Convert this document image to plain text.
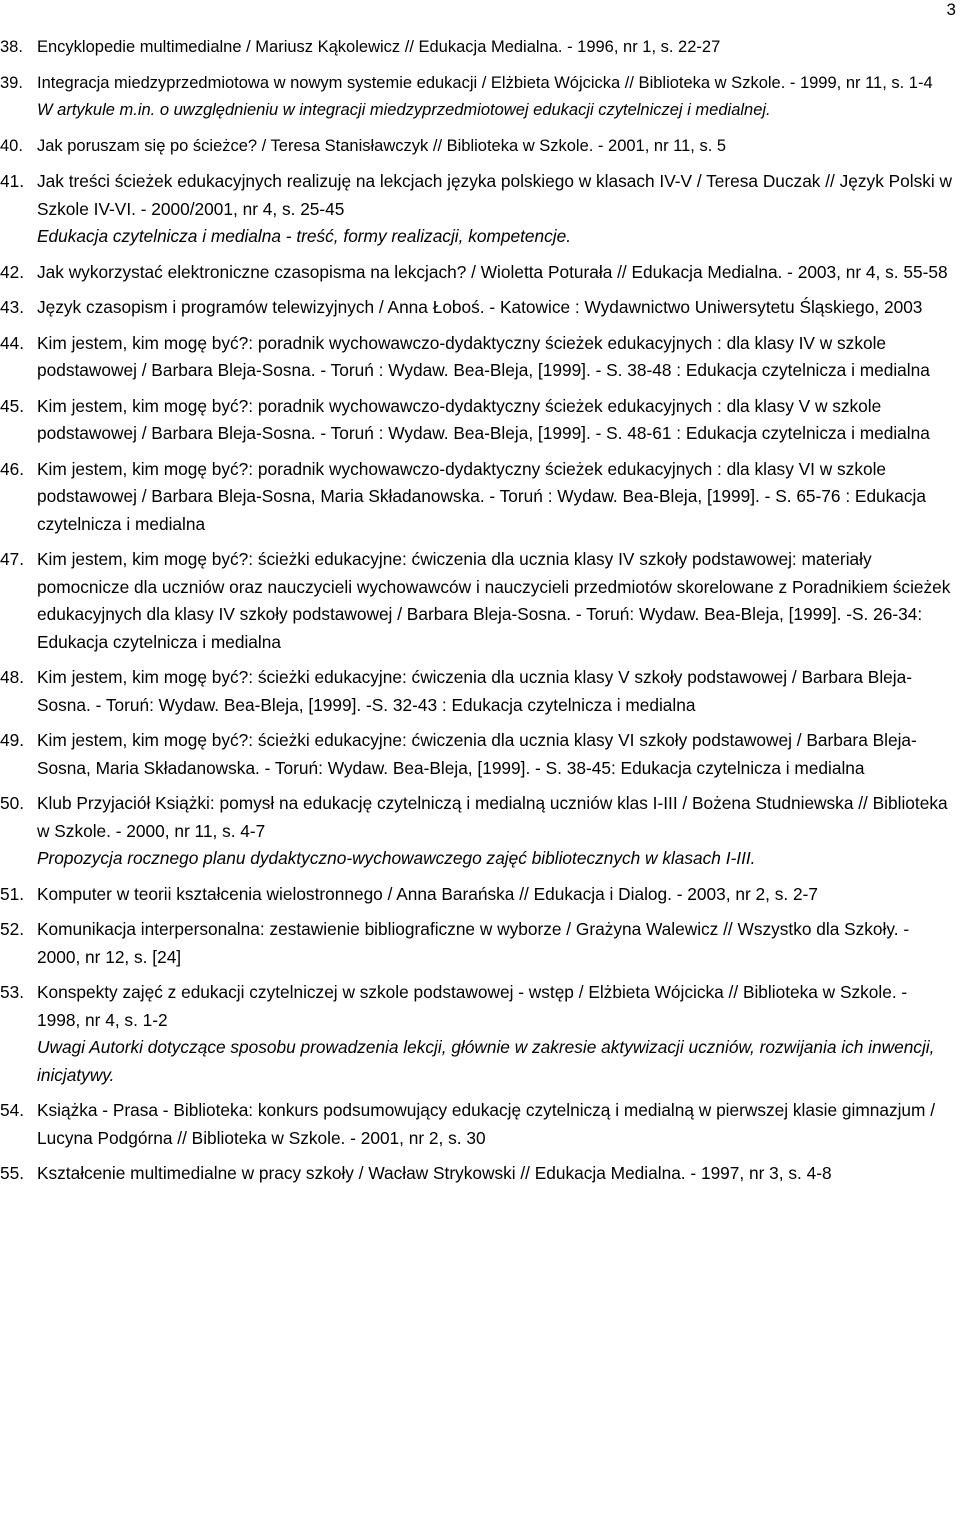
3
38. Encyklopedie multimedialne / Mariusz Kąkolewicz // Edukacja Medialna. - 1996, nr 1, s. 22-27
39. Integracja miedzyprzedmiotowa w nowym systemie edukacji / Elżbieta Wójcicka // Biblioteka w Szkole. - 1999, nr 11, s. 1-4
W artykule m.in. o uwzględnieniu w integracji miedzyprzedmiotowej edukacji czytelniczej i medialnej.
40. Jak poruszam się po ścieżce? / Teresa Stanisławczyk // Biblioteka w Szkole. - 2001, nr 11, s. 5
41. Jak treści ścieżek edukacyjnych realizuję na lekcjach języka polskiego w klasach IV-V / Teresa Duczak // Język Polski w Szkole IV-VI. - 2000/2001, nr 4, s. 25-45
Edukacja czytelnicza i medialna - treść, formy realizacji, kompetencje.
42. Jak wykorzystać elektroniczne czasopisma na lekcjach? / Wioletta Poturała // Edukacja Medialna. - 2003, nr 4, s. 55-58
43. Język czasopism i programów telewizyjnych / Anna Łoboś. - Katowice : Wydawnictwo Uniwersytetu Śląskiego, 2003
44. Kim jestem, kim mogę być?: poradnik wychowawczo-dydaktyczny ścieżek edukacyjnych : dla klasy IV w szkole podstawowej / Barbara Bleja-Sosna. - Toruń : Wydaw. Bea-Bleja, [1999]. - S. 38-48 : Edukacja czytelnicza i medialna
45. Kim jestem, kim mogę być?: poradnik wychowawczo-dydaktyczny ścieżek edukacyjnych : dla klasy V w szkole podstawowej / Barbara Bleja-Sosna. - Toruń : Wydaw. Bea-Bleja, [1999]. - S. 48-61 : Edukacja czytelnicza i medialna
46. Kim jestem, kim mogę być?: poradnik wychowawczo-dydaktyczny ścieżek edukacyjnych : dla klasy VI w szkole podstawowej / Barbara Bleja-Sosna, Maria Składanowska. - Toruń : Wydaw. Bea-Bleja, [1999]. - S. 65-76 : Edukacja czytelnicza i medialna
47. Kim jestem, kim mogę być?: ścieżki edukacyjne: ćwiczenia dla ucznia klasy IV szkoły podstawowej: materiały pomocnicze dla uczniów oraz nauczycieli wychowawców i nauczycieli przedmiotów skorelowane z Poradnikiem ścieżek edukacyjnych dla klasy IV szkoły podstawowej / Barbara Bleja-Sosna. - Toruń: Wydaw. Bea-Bleja, [1999]. -S. 26-34: Edukacja czytelnicza i medialna
48. Kim jestem, kim mogę być?: ścieżki edukacyjne: ćwiczenia dla ucznia klasy V szkoły podstawowej / Barbara Bleja-Sosna. - Toruń: Wydaw. Bea-Bleja, [1999]. -S. 32-43 : Edukacja czytelnicza i medialna
49. Kim jestem, kim mogę być?: ścieżki edukacyjne: ćwiczenia dla ucznia klasy VI szkoły podstawowej / Barbara Bleja-Sosna, Maria Składanowska. - Toruń: Wydaw. Bea-Bleja, [1999]. - S. 38-45: Edukacja czytelnicza i medialna
50. Klub Przyjaciół Książki: pomysł na edukację czytelniczą i medialną uczniów klas I-III / Bożena Studniewska // Biblioteka w Szkole. - 2000, nr 11, s. 4-7
Propozycja rocznego planu dydaktyczno-wychowawczego zajęć bibliotecznych w klasach I-III.
51. Komputer w teorii kształcenia wielostronnego / Anna Barańska // Edukacja i Dialog. - 2003, nr 2, s. 2-7
52. Komunikacja interpersonalna: zestawienie bibliograficzne w wyborze / Grażyna Walewicz // Wszystko dla Szkoły. - 2000, nr 12, s. [24]
53. Konspekty zajęć z edukacji czytelniczej w szkole podstawowej - wstęp / Elżbieta Wójcicka // Biblioteka w Szkole. - 1998, nr 4, s. 1-2
Uwagi Autorki dotyczące sposobu prowadzenia lekcji, głównie w zakresie aktywizacji uczniów, rozwijania ich inwencji, inicjatywy.
54. Książka - Prasa - Biblioteka: konkurs podsumowujący edukację czytelniczą i medialną w pierwszej klasie gimnazjum / Lucyna Podgórna // Biblioteka w Szkole. - 2001, nr 2, s. 30
55. Kształcenie multimedialne w pracy szkoły / Wacław Strykowski // Edukacja Medialna. - 1997, nr 3, s. 4-8
